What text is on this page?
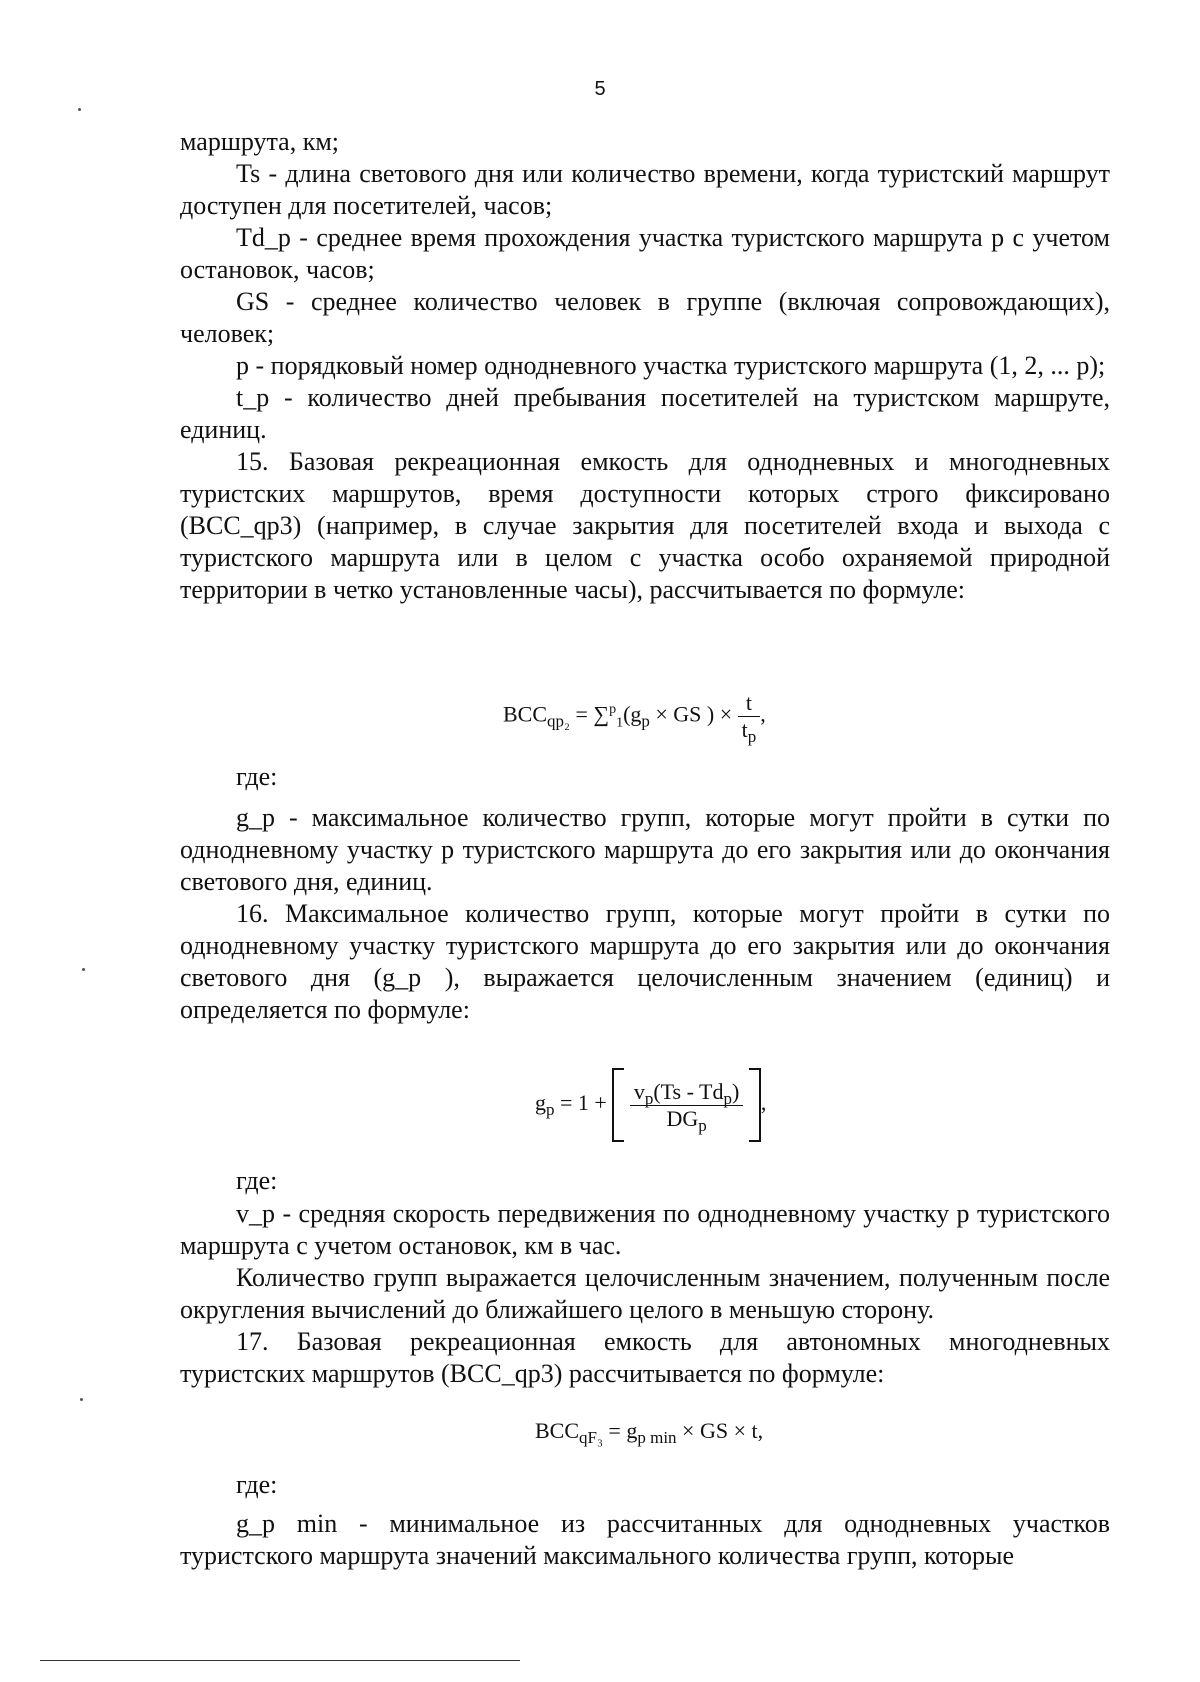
5

маршрута, км;

Ts - длина светового дня или количество времени, когда туристский маршрут доступен для посетителей, часов;

Td_p - среднее время прохождения участка туристского маршрута p с учетом остановок, часов;

GS - среднее количество человек в группе (включая сопровождающих), человек;

p - порядковый номер однодневного участка туристского маршрута (1, 2, ... p);

t_p - количество дней пребывания посетителей на туристском маршруте, единиц.

15. Базовая рекреационная емкость для однодневных и многодневных туристских маршрутов, время доступности которых строго фиксировано (BCC_qp3) (например, в случае закрытия для посетителей входа и выхода с туристского маршрута или в целом с участка особо охраняемой природной территории в четко установленные часы), рассчитывается по формуле:

$BCC_{qp_2} = \sum^p_1(g_p$ × GS ) × $\frac{t}{t_p}$ ,
где:

g_p - максимальное количество групп, которые могут пройти в сутки по однодневному участку p туристского маршрута до его закрытия или до окончания светового дня, единиц.

16. Максимальное количество групп, которые могут пройти в сутки по однодневному участку туристского маршрута до его закрытия или до окончания светового дня (g_p ), выражается целочисленным значением (единиц) и определяется по формуле:

$g_p = 1 + \frac{v_p(Ts - Td_p)}{DG_p}$ ,
где:

v_p - средняя скорость передвижения по однодневному участку p туристского маршрута с учетом остановок, км в час.

Количество групп выражается целочисленным значением, полученным после округления вычислений до ближайшего целого в меньшую сторону.

17. Базовая рекреационная емкость для автономных многодневных туристских маршрутов (BCC_qp3) рассчитывается по формуле:

$BCC_{qF_3} = g_{p min}$ × GS × t,
где:

g_p min - минимальное из рассчитанных для однодневных участков туристского маршрута значений максимального количества групп, которые
